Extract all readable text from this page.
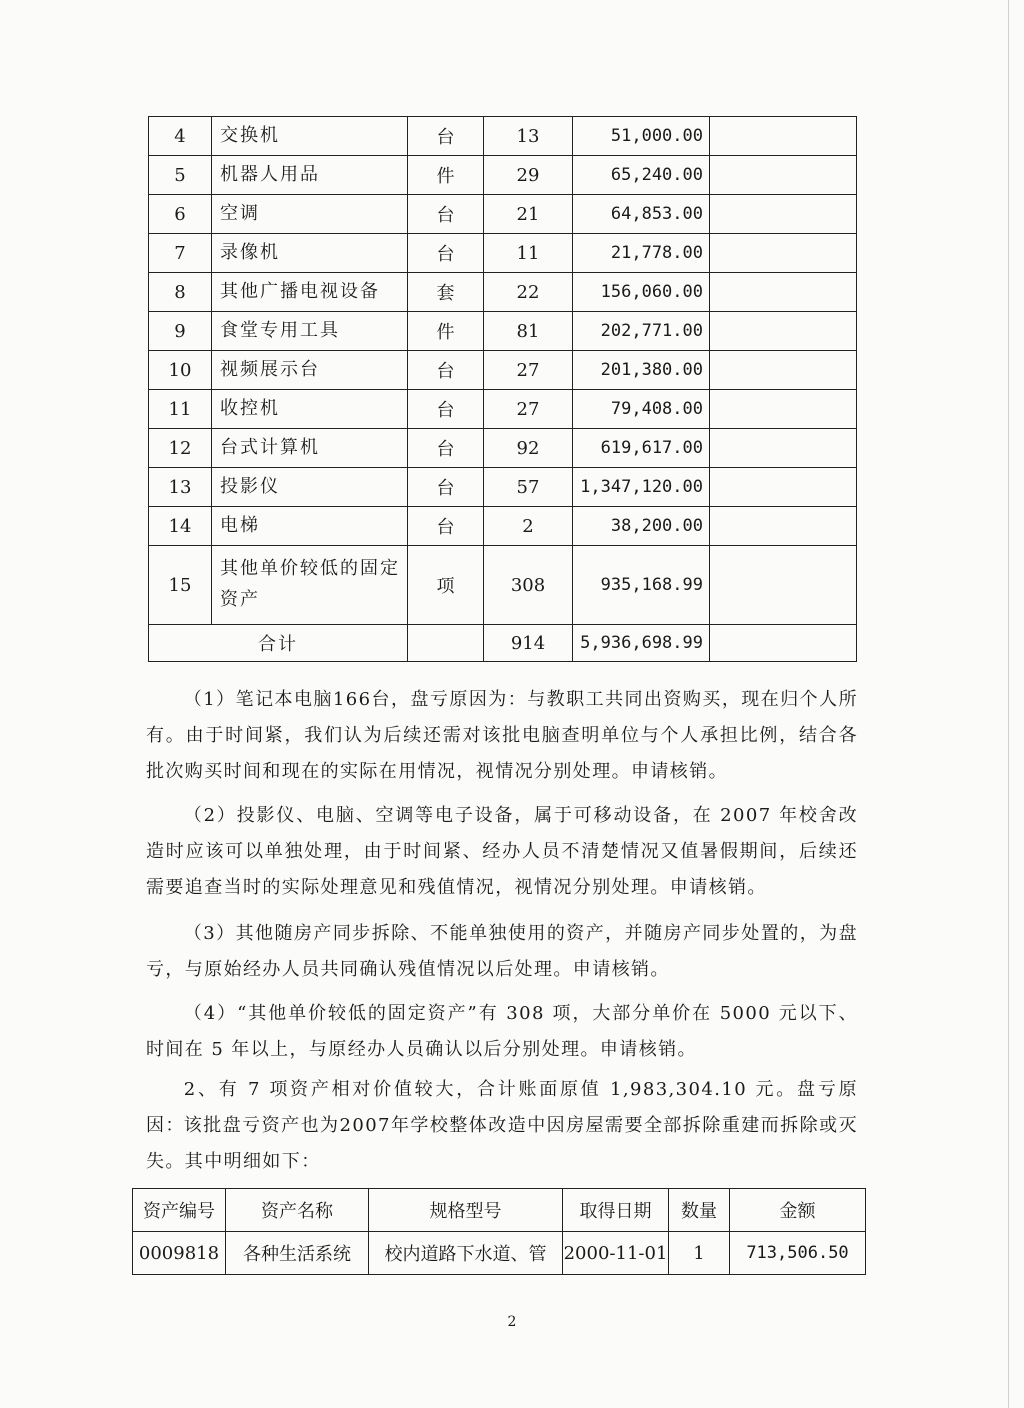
4	交换机	台	13	51,000.00	
5	机器人用品	件	29	65,240.00	
6	空调	台	21	64,853.00	
7	录像机	台	11	21,778.00	
8	其他广播电视设备	套	22	156,060.00	
9	食堂专用工具	件	81	202,771.00	
10	视频展示台	台	27	201,380.00	
11	收控机	台	27	79,408.00	
12	台式计算机	台	92	619,617.00	
13	投影仪	台	57	1,347,120.00	
14	电梯	台	2	38,200.00	
15	其他单价较低的固定资产	项	308	935,168.99	
合计			914	5,936,698.99	

（1）笔记本电脑166台，盘亏原因为：与教职工共同出资购买，现在归个人所有。由于时间紧，我们认为后续还需对该批电脑查明单位与个人承担比例，结合各批次购买时间和现在的实际在用情况，视情况分别处理。申请核销。

（2）投影仪、电脑、空调等电子设备，属于可移动设备，在 2007 年校舍改造时应该可以单独处理，由于时间紧、经办人员不清楚情况又值暑假期间，后续还需要追查当时的实际处理意见和残值情况，视情况分别处理。申请核销。

（3）其他随房产同步拆除、不能单独使用的资产，并随房产同步处置的，为盘亏，与原始经办人员共同确认残值情况以后处理。申请核销。

（4）“其他单价较低的固定资产”有 308 项，大部分单价在 5000 元以下、时间在 5 年以上，与原经办人员确认以后分别处理。申请核销。

2、有 7 项资产相对价值较大，合计账面原值 1,983,304.10 元。盘亏原因：

该批盘亏资产也为2007年学校整体改造中因房屋需要全部拆除重建而拆除或灭失。其中明细如下：

资产编号	资产名称	规格型号	取得日期	数量	金额
0009818	各种生活系统	校内道路下水道、管	2000-11-01	1	713,506.50
2
